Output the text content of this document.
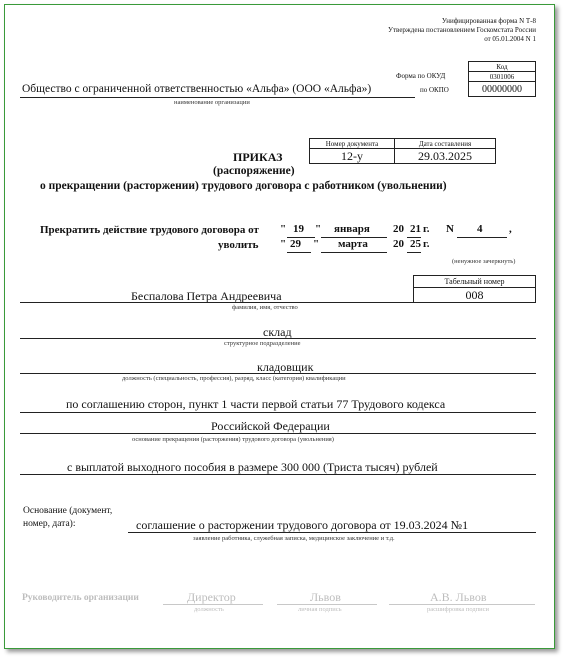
Унифицированная форма N Т-8
Утверждена постановлением Госкомстата России
от 05.01.2004 N 1
Код
Форма по ОКУД	0301006
по ОКПО	00000000
Общество с ограниченной ответственностью «Альфа» (ООО «Альфа»)
наименование организации
Номер документа	Дата составления
12-у	29.03.2025
ПРИКАЗ
(распоряжение)
о прекращении (расторжении) трудового договора с работником (увольнении)
Прекратить действие трудового договора от " 19 " января 20 21 г. N 4 ,
уволить " 29 " марта 20 25 г.
(ненужное зачеркнуть)
Табельный номер
008
Беспалова Петра Андреевича
фамилия, имя, отчество
склад
структурное подразделение
кладовщик
должность (специальность, профессия), разряд, класс (категория) квалификации
по соглашению сторон, пункт 1 части первой статьи 77 Трудового кодекса
Российской Федерации
основание прекращения (расторжения) трудового договора (увольнения)
с выплатой выходного пособия в размере 300 000 (Триста тысяч) рублей
Основание (документ,
номер, дата):	соглашение о расторжении трудового договора от 19.03.2024 №1
заявление работника, служебная записка, медицинское заключение и т.д.
Руководитель организации	Директор
должность
Львов
личная подпись
А.В. Львов
расшифровка подписи
